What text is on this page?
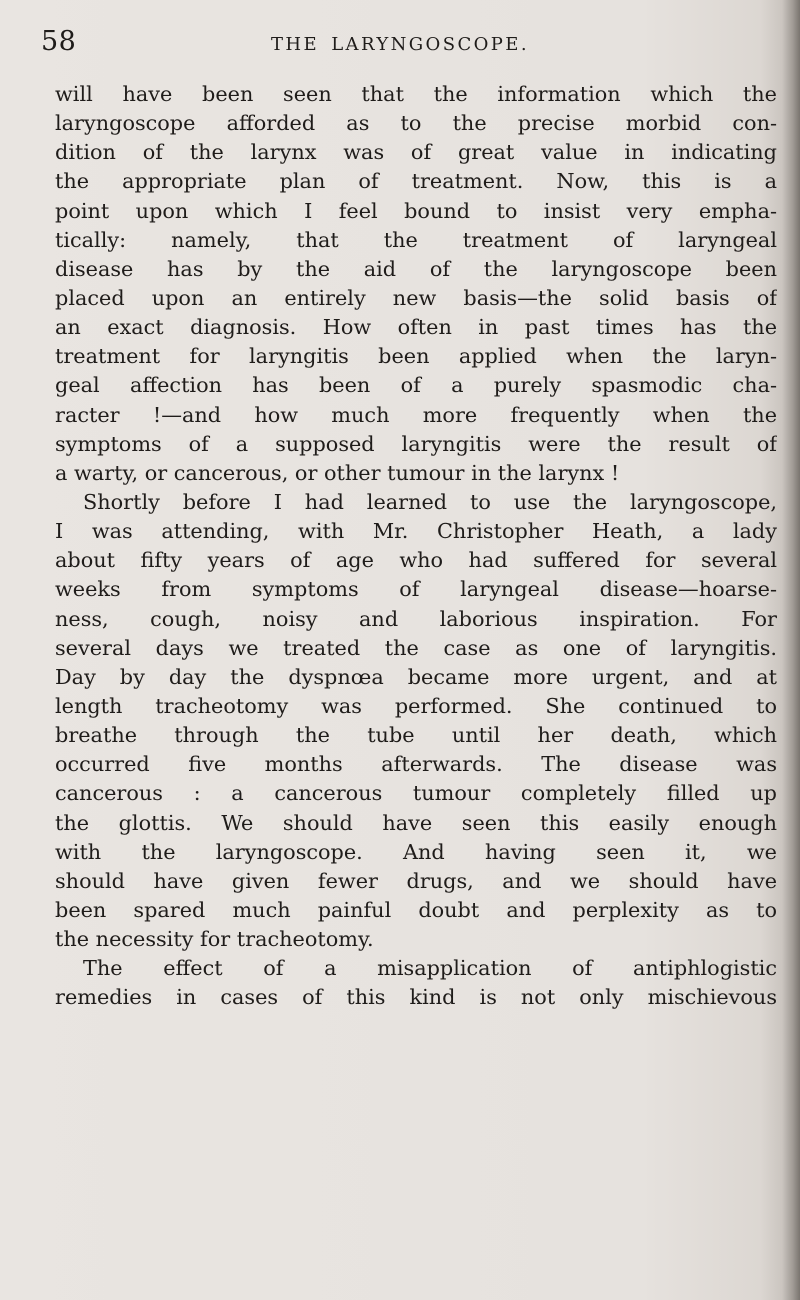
58	THE LARYNGOSCOPE.
will have been seen that the information which the
laryngoscope afforded as to the precise morbid con-
dition of the larynx was of great value in indicating
the appropriate plan of treatment. Now, this is a
point upon which I feel bound to insist very empha-
tically: namely, that the treatment of laryngeal
disease has by the aid of the laryngoscope been
placed upon an entirely new basis—the solid basis of
an exact diagnosis. How often in past times has the
treatment for laryngitis been applied when the laryn-
geal affection has been of a purely spasmodic cha-
racter !—and how much more frequently when the
symptoms of a supposed laryngitis were the result of
a warty, or cancerous, or other tumour in the larynx !
Shortly before I had learned to use the laryngoscope,
I was attending, with Mr. Christopher Heath, a lady
about fifty years of age who had suffered for several
weeks from symptoms of laryngeal disease—hoarse-
ness, cough, noisy and laborious inspiration. For
several days we treated the case as one of laryngitis.
Day by day the dyspnœa became more urgent, and at
length tracheotomy was performed. She continued to
breathe through the tube until her death, which
occurred five months afterwards. The disease was
cancerous : a cancerous tumour completely filled up
the glottis. We should have seen this easily enough
with the laryngoscope. And having seen it, we
should have given fewer drugs, and we should have
been spared much painful doubt and perplexity as to
the necessity for tracheotomy.
The effect of a misapplication of antiphlogistic
remedies in cases of this kind is not only mischievous
